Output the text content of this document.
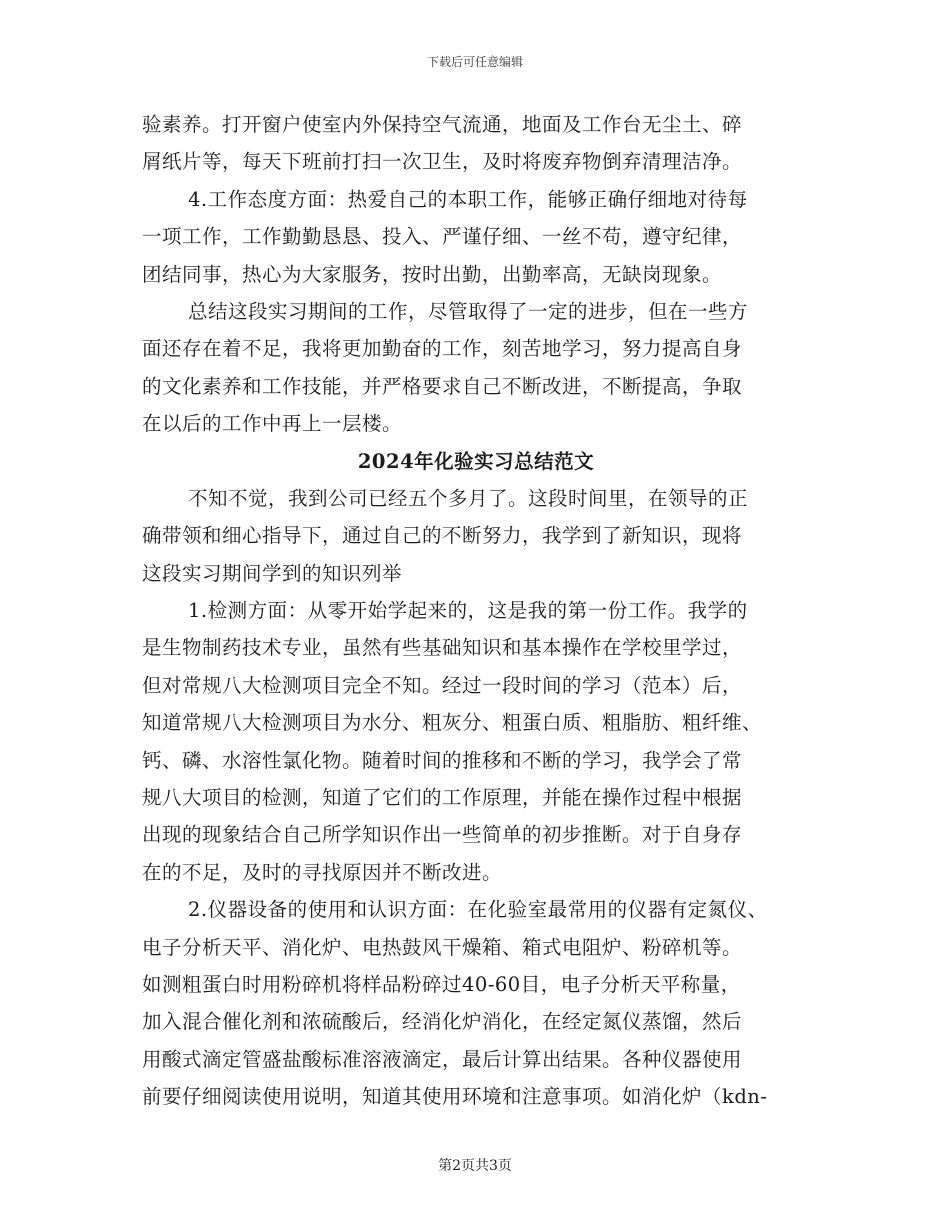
下载后可任意编辑
验素养。打开窗户使室内外保持空气流通，地面及工作台无尘土、碎
屑纸片等，每天下班前打扫一次卫生，及时将废弃物倒弃清理洁净。
4.工作态度方面：热爱自己的本职工作，能够正确仔细地对待每
一项工作，工作勤勤恳恳、投入、严谨仔细、一丝不苟，遵守纪律，
团结同事，热心为大家服务，按时出勤，出勤率高，无缺岗现象。
总结这段实习期间的工作，尽管取得了一定的进步，但在一些方
面还存在着不足，我将更加勤奋的工作，刻苦地学习，努力提高自身
的文化素养和工作技能，并严格要求自己不断改进，不断提高，争取
在以后的工作中再上一层楼。
2024年化验实习总结范文
不知不觉，我到公司已经五个多月了。这段时间里，在领导的正
确带领和细心指导下，通过自己的不断努力，我学到了新知识，现将
这段实习期间学到的知识列举
1.检测方面：从零开始学起来的，这是我的第一份工作。我学的
是生物制药技术专业，虽然有些基础知识和基本操作在学校里学过，
但对常规八大检测项目完全不知。经过一段时间的学习（范本）后，
知道常规八大检测项目为水分、粗灰分、粗蛋白质、粗脂肪、粗纤维、
钙、磷、水溶性氯化物。随着时间的推移和不断的学习，我学会了常
规八大项目的检测，知道了它们的工作原理，并能在操作过程中根据
出现的现象结合自己所学知识作出一些简单的初步推断。对于自身存
在的不足，及时的寻找原因并不断改进。
2.仪器设备的使用和认识方面：在化验室最常用的仪器有定氮仪、
电子分析天平、消化炉、电热鼓风干燥箱、箱式电阻炉、粉碎机等。
如测粗蛋白时用粉碎机将样品粉碎过40-60目，电子分析天平称量，
加入混合催化剂和浓硫酸后，经消化炉消化，在经定氮仪蒸馏，然后
用酸式滴定管盛盐酸标准溶液滴定，最后计算出结果。各种仪器使用
前要仔细阅读使用说明，知道其使用环境和注意事项。如消化炉（kdn-
第2页共3页
